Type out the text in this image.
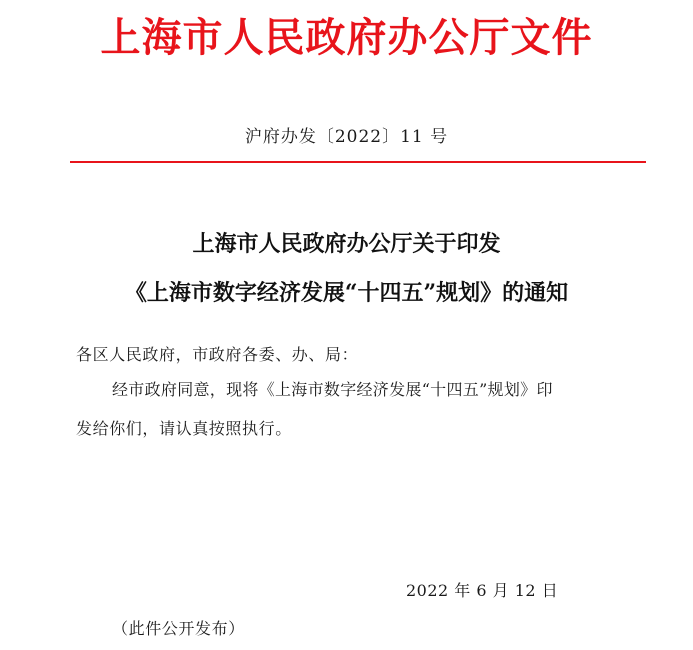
上海市人民政府办公厅文件
沪府办发〔2022〕11 号
上海市人民政府办公厅关于印发
《上海市数字经济发展“十四五”规划》的通知
各区人民政府，市政府各委、办、局：
经市政府同意，现将《上海市数字经济发展“十四五”规划》印
发给你们，请认真按照执行。
2022 年 6 月 12 日
（此件公开发布）
